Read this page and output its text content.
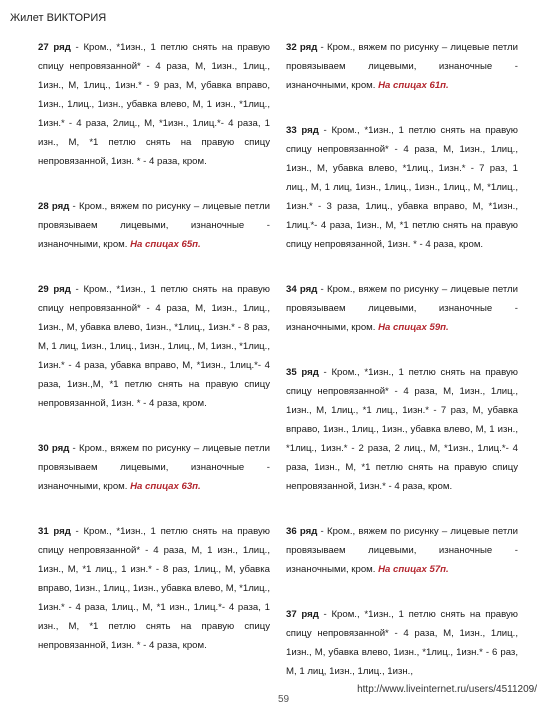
Жилет ВИКТОРИЯ

27 ряд - Кром., *1изн., 1 петлю снять на правую спицу непровязанной* - 4 раза, М, 1изн., 1лиц., 1изн., М, 1лиц., 1изн.* - 9 раз, М, убавка вправо, 1изн., 1лиц., 1изн., убавка влево, М, 1 изн., *1лиц., 1изн.* - 4 раза, 2лиц., М, *1изн., 1лиц.*- 4 раза, 1 изн., М, *1 петлю снять на правую спицу непровязанной, 1изн. * - 4 раза, кром.

28 ряд - Кром., вяжем по рисунку – лицевые петли провязываем лицевыми, изнаночные - изнаночными, кром. На спицах 65п.

29 ряд - Кром., *1изн., 1 петлю снять на правую спицу непровязанной* - 4 раза, М, 1изн., 1лиц., 1изн., М, убавка влево, 1изн., *1лиц., 1изн.* - 8 раз, М, 1 лиц, 1изн., 1лиц., 1изн., 1лиц., М, 1изн., *1лиц., 1изн.* - 4 раза, убавка вправо, М, *1изн., 1лиц.*- 4 раза, 1изн.,М, *1 петлю снять на правую спицу непровязанной, 1изн. * - 4 раза, кром.

30 ряд - Кром., вяжем по рисунку – лицевые петли провязываем лицевыми, изнаночные - изнаночными, кром. На спицах 63п.

31 ряд - Кром., *1изн., 1 петлю снять на правую спицу непровязанной* - 4 раза, М, 1 изн., 1лиц., 1изн., М, *1 лиц., 1 изн.* - 8 раз, 1лиц., М, убавка вправо, 1изн., 1лиц., 1изн., убавка влево, М, *1лиц., 1изн.* - 4 раза, 1лиц., М, *1 изн., 1лиц.*- 4 раза, 1 изн., М, *1 петлю снять на правую спицу непровязанной, 1изн. * - 4 раза, кром.

32 ряд - Кром., вяжем по рисунку – лицевые петли провязываем лицевыми, изнаночные - изнаночными, кром. На спицах 61п.

33 ряд - Кром., *1изн., 1 петлю снять на правую спицу непровязанной* - 4 раза, М, 1изн., 1лиц., 1изн., М, убавка влево, *1лиц., 1изн.* - 7 раз, 1 лиц., М, 1 лиц, 1изн., 1лиц., 1изн., 1лиц., М, *1лиц., 1изн.* - 3 раза, 1лиц., убавка вправо, М, *1изн., 1лиц.*- 4 раза, 1изн., М, *1 петлю снять на правую спицу непровязанной, 1изн. * - 4 раза, кром.

34 ряд - Кром., вяжем по рисунку – лицевые петли провязываем лицевыми, изнаночные - изнаночными, кром. На спицах 59п.

35 ряд - Кром., *1изн., 1 петлю снять на правую спицу непровязанной* - 4 раза, М, 1изн., 1лиц., 1изн., М, 1лиц., *1 лиц., 1изн.* - 7 раз, М, убавка вправо, 1изн., 1лиц., 1изн., убавка влево, М, 1 изн., *1лиц., 1изн.* - 2 раза, 2 лиц., М, *1изн., 1лиц.*- 4 раза, 1изн., М, *1 петлю снять на правую спицу непровязанной, 1изн.* - 4 раза, кром.

36 ряд - Кром., вяжем по рисунку – лицевые петли провязываем лицевыми, изнаночные - изнаночными, кром. На спицах 57п.

37 ряд - Кром., *1изн., 1 петлю снять на правую спицу непровязанной* - 4 раза, М, 1изн., 1лиц., 1изн., М, убавка влево, 1изн., *1лиц., 1изн.* - 6 раз, М, 1 лиц, 1изн., 1лиц., 1изн.,

59
http://www.liveinternet.ru/users/4511209/
